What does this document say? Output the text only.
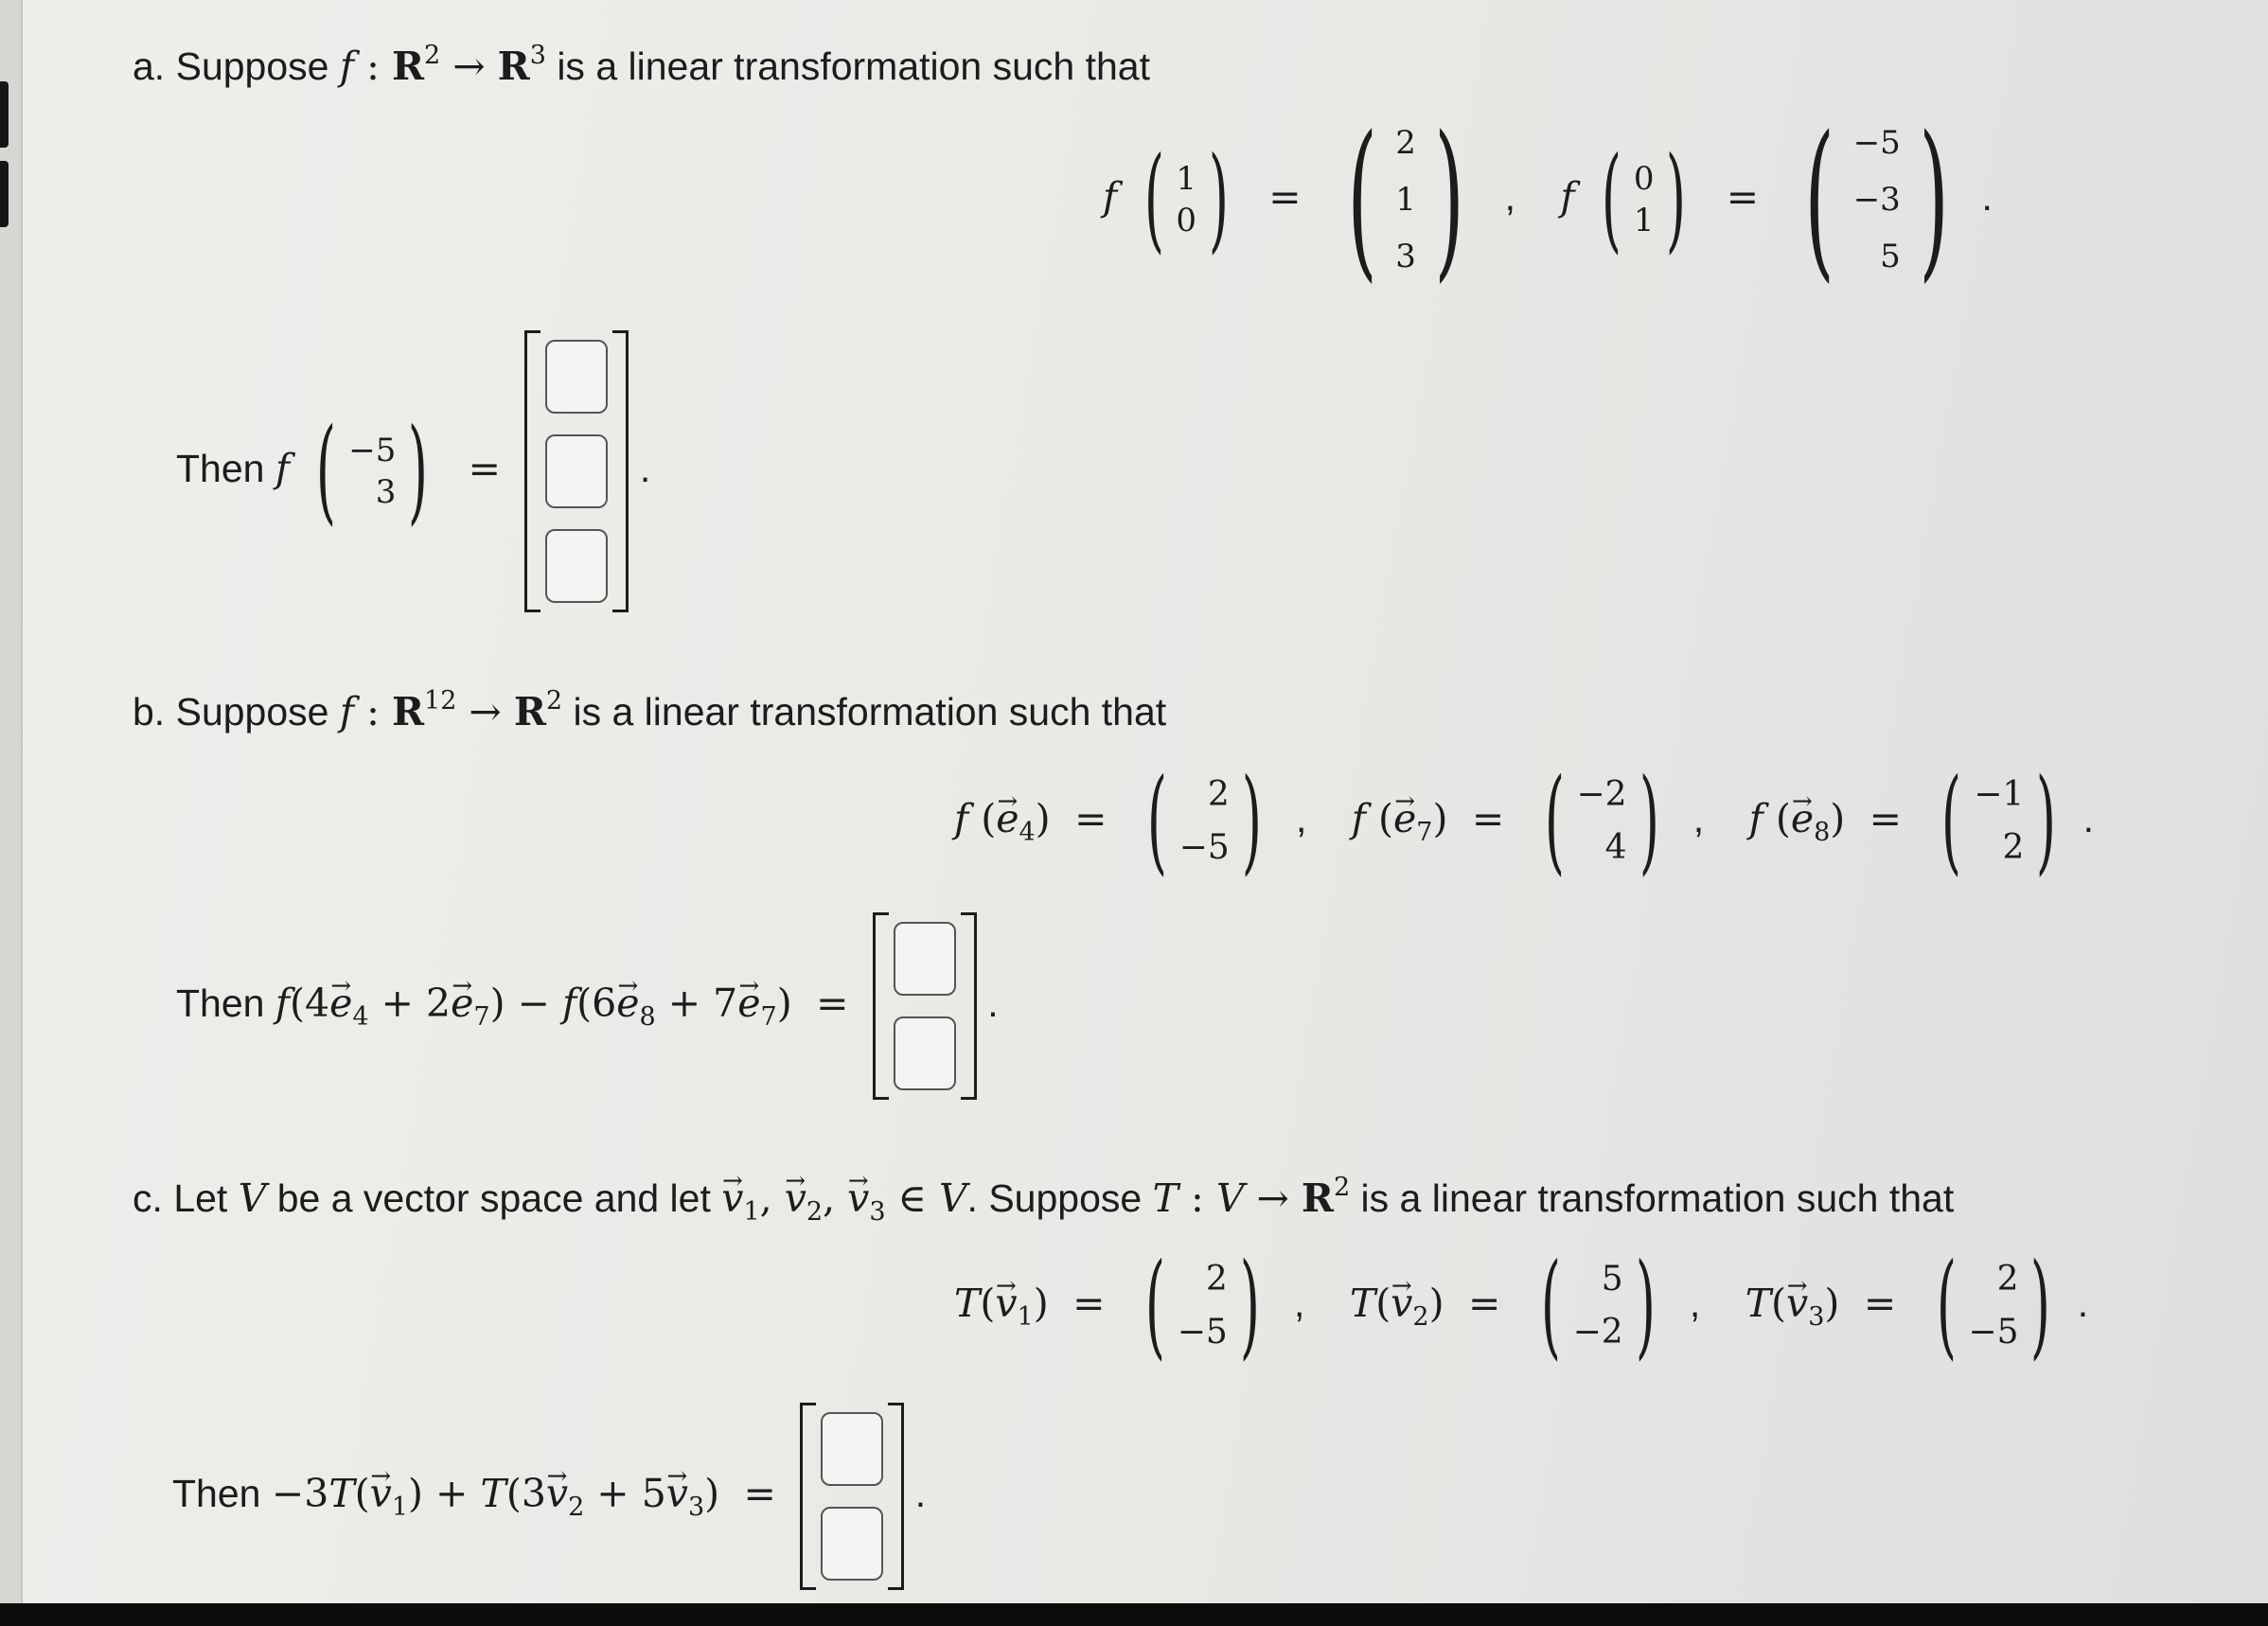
a. Suppose f : $R^2 \to R^3$ is a linear transformation such that
f ( 1
0 ) = ( 2
1
3 ) , f ( 0
1 ) = ( −5
−3
5 ) .
Then f ( −5
3 ) =	.
b. Suppose f : $R^{12} \to R^2$ is a linear transformation such that
f (→ $e_4$) = ( 2
−5 ) , f (→ $e_7$) = ( −2
4 ) , f (→ $e_8$) = ( −1
2 ) .
Then $f(4\to e_4 + 2\to e_7) - f(6\to e_8 + 7\to e_7)$ =	.
c. Let V be a vector space and let → $v_1$, → $v_2$, → $v_3$ ∈ V. Suppose T : $V \to R^2$ is a linear transformation such that
$T(\to v_1)$ = ( 2
−5 ) , $T(\to v_2)$ = ( 5
−2 ) , $T(\to v_3)$ = ( 2
−5 ) .
Then $-3T(\to v_1) + T(3\to v_2 + 5\to v_3)$ =	.
